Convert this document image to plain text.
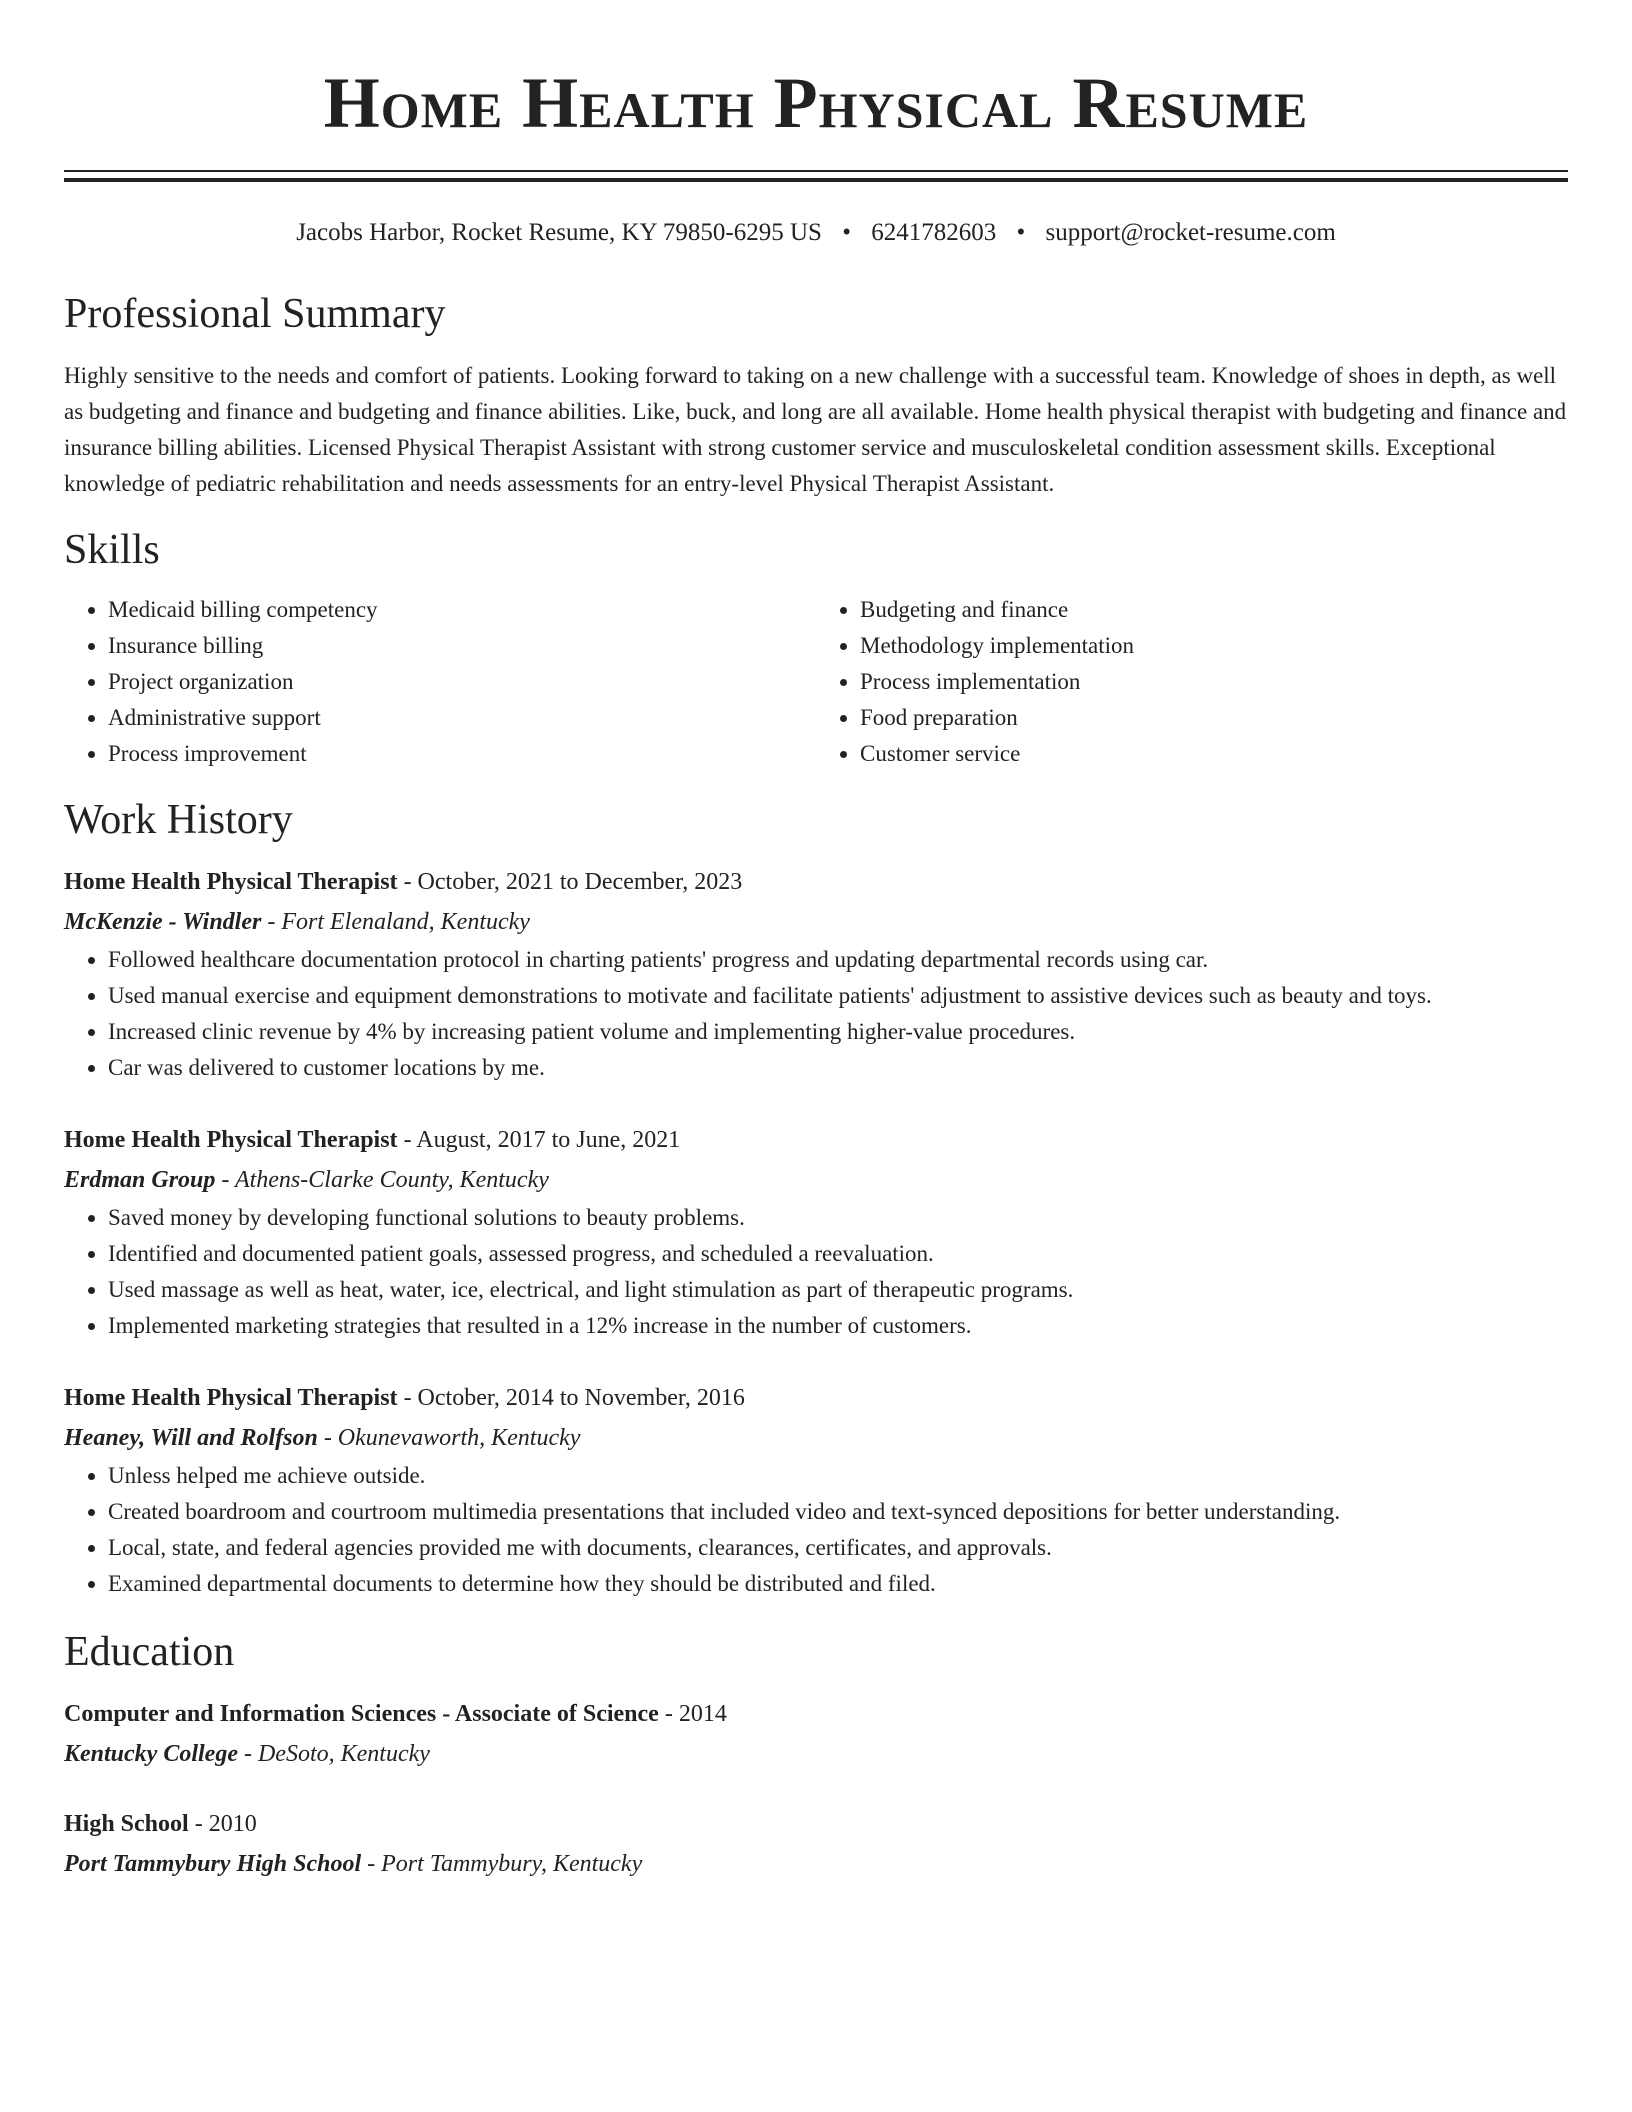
Home Health Physical Resume
Jacobs Harbor, Rocket Resume, KY 79850-6295 US • 6241782603 • support@rocket-resume.com
Professional Summary

Highly sensitive to the needs and comfort of patients. Looking forward to taking on a new challenge with a successful team. Knowledge of shoes in depth, as well as budgeting and finance and budgeting and finance abilities. Like, buck, and long are all available. Home health physical therapist with budgeting and finance and insurance billing abilities. Licensed Physical Therapist Assistant with strong customer service and musculoskeletal condition assessment skills. Exceptional knowledge of pediatric rehabilitation and needs assessments for an entry-level Physical Therapist Assistant.

Skills
• Medicaid billing competency
• Insurance billing
• Project organization
• Administrative support
• Process improvement
• Budgeting and finance
• Methodology implementation
• Process implementation
• Food preparation
• Customer service
Work History

Home Health Physical Therapist - October, 2021 to December, 2023

McKenzie - Windler - Fort Elenaland, Kentucky

• Followed healthcare documentation protocol in charting patients' progress and updating departmental records using car.
• Used manual exercise and equipment demonstrations to motivate and facilitate patients' adjustment to assistive devices such as beauty and toys.
• Increased clinic revenue by 4% by increasing patient volume and implementing higher-value procedures.
• Car was delivered to customer locations by me.

Home Health Physical Therapist - August, 2017 to June, 2021

Erdman Group - Athens-Clarke County, Kentucky

• Saved money by developing functional solutions to beauty problems.
• Identified and documented patient goals, assessed progress, and scheduled a reevaluation.
• Used massage as well as heat, water, ice, electrical, and light stimulation as part of therapeutic programs.
• Implemented marketing strategies that resulted in a 12% increase in the number of customers.

Home Health Physical Therapist - October, 2014 to November, 2016

Heaney, Will and Rolfson - Okunevaworth, Kentucky

• Unless helped me achieve outside.
• Created boardroom and courtroom multimedia presentations that included video and text-synced depositions for better understanding.
• Local, state, and federal agencies provided me with documents, clearances, certificates, and approvals.
• Examined departmental documents to determine how they should be distributed and filed.
Education

Computer and Information Sciences - Associate of Science - 2014

Kentucky College - DeSoto, Kentucky

High School - 2010

Port Tammybury High School - Port Tammybury, Kentucky
